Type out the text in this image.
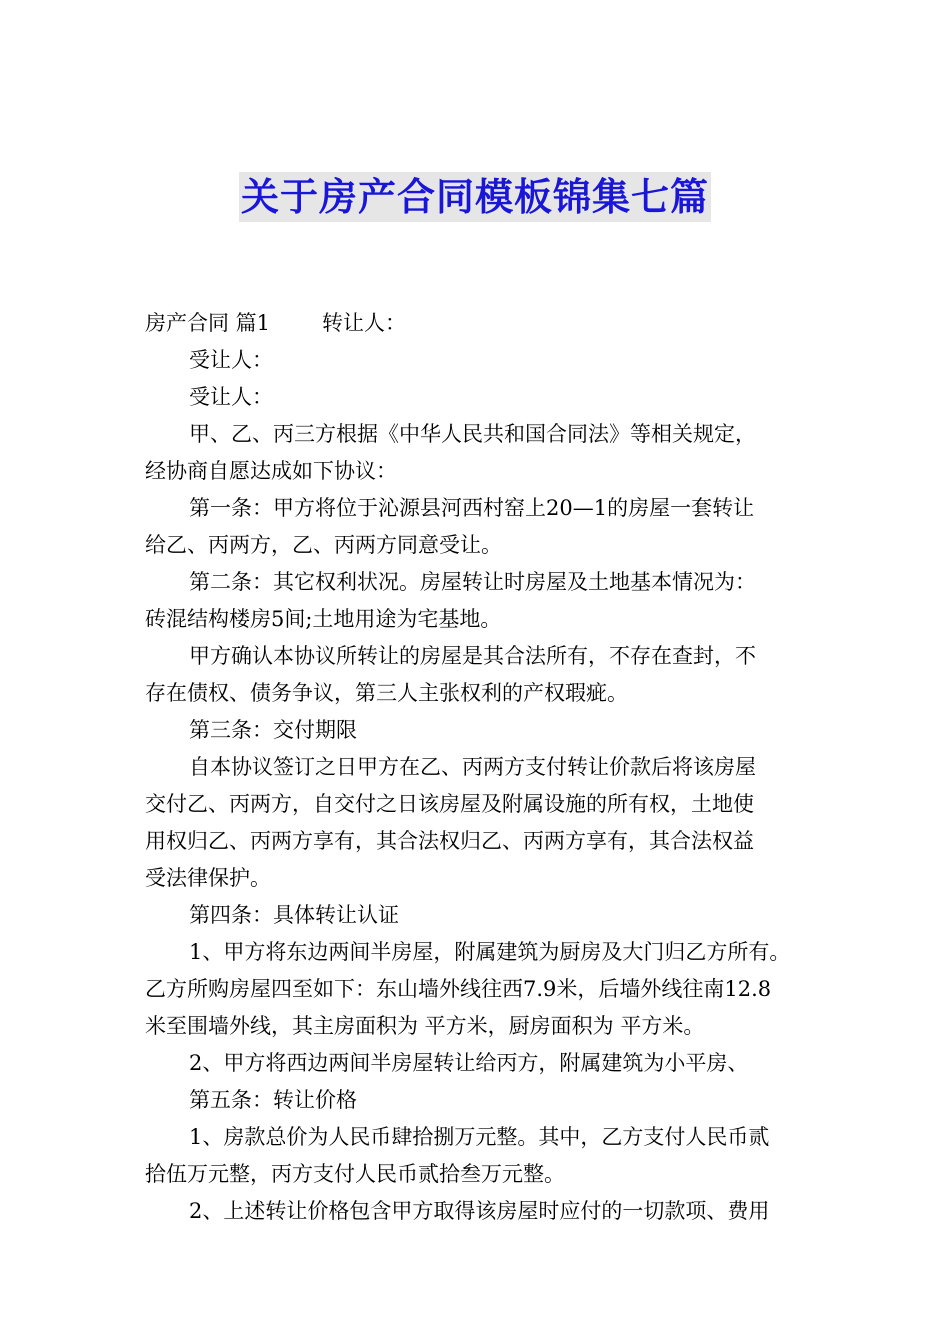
关于房产合同模板锦集七篇
房产合同 篇1 转让人：
受让人：
受让人：
甲、乙、丙三方根据《中华人民共和国合同法》等相关规定，
经协商自愿达成如下协议：
第一条：甲方将位于沁源县河西村窑上20—1的房屋一套转让
给乙、丙两方，乙、丙两方同意受让。
第二条：其它权利状况。房屋转让时房屋及土地基本情况为：
砖混结构楼房5间;土地用途为宅基地。
甲方确认本协议所转让的房屋是其合法所有，不存在查封，不
存在债权、债务争议，第三人主张权利的产权瑕疵。
第三条：交付期限
自本协议签订之日甲方在乙、丙两方支付转让价款后将该房屋
交付乙、丙两方，自交付之日该房屋及附属设施的所有权，土地使
用权归乙、丙两方享有，其合法权归乙、丙两方享有，其合法权益
受法律保护。
第四条：具体转让认证
1、甲方将东边两间半房屋，附属建筑为厨房及大门归乙方所有。
乙方所购房屋四至如下：东山墙外线往西7.9米，后墙外线往南12.8
米至围墙外线，其主房面积为 平方米，厨房面积为 平方米。
2、甲方将西边两间半房屋转让给丙方，附属建筑为小平房、
第五条：转让价格
1、房款总价为人民币肆拾捌万元整。其中，乙方支付人民币贰
拾伍万元整，丙方支付人民币贰拾叁万元整。
2、上述转让价格包含甲方取得该房屋时应付的一切款项、费用
